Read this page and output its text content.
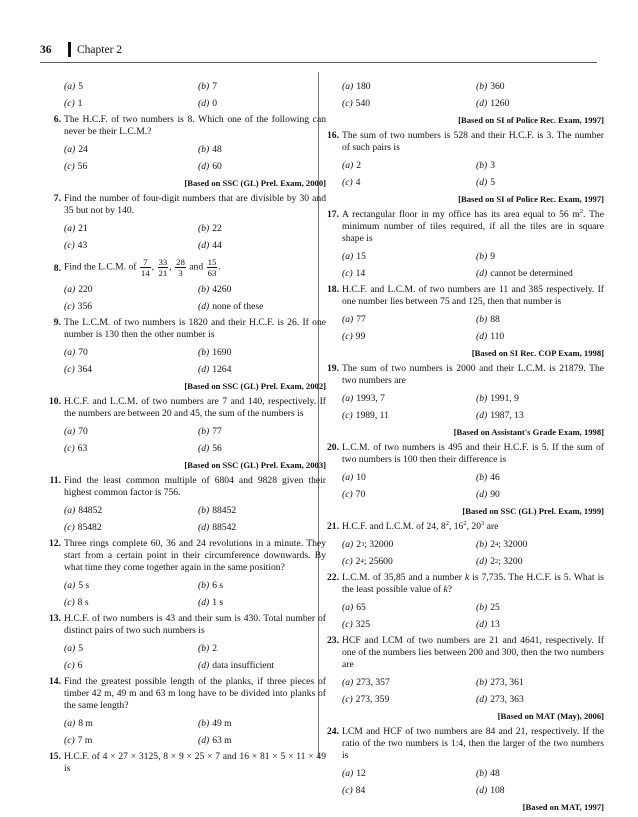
36	Chapter 2
(a) 5	(b) 7
(c) 1	(d) 0
6. The H.C.F. of two numbers is 8. Which one of the following can never be their L.C.M.?
(a) 24	(b) 48
(c) 56	(d) 60
[Based on SSC (GL) Prel. Exam, 2000]
7. Find the number of four-digit numbers that are divisible by 30 and 35 but not by 140.
(a) 21	(b) 22
(c) 43	(d) 44
8. Find the L.C.M. of $\frac{7}{14}$ , $\frac{33}{21}$ , $\frac{28}{3}$ and $\frac{15}{63}$ .
(a) 220	(b) 4260
(c) 356	(d) none of these
9. The L.C.M. of two numbers is 1820 and their H.C.F. is 26. If one number is 130 then the other number is
(a) 70	(b) 1690
(c) 364	(d) 1264
[Based on SSC (GL) Prel. Exam, 2002]
10. H.C.F. and L.C.M. of two numbers are 7 and 140, respectively. If the numbers are between 20 and 45, the sum of the numbers is
(a) 70	(b) 77
(c) 63	(d) 56
[Based on SSC (GL) Prel. Exam, 2003]
11. Find the least common multiple of 6804 and 9828 given their highest common factor is 756.
(a) 84852	(b) 88452
(c) 85482	(d) 88542
12. Three rings complete 60, 36 and 24 revolutions in a minute. They start from a certain point in their circumference downwards. By what time they come together again in the same position?
(a) 5 s	(b) 6 s
(c) 8 s	(d) 1 s
13. H.C.F. of two numbers is 43 and their sum is 430. Total number of distinct pairs of two such numbers is
(a) 5	(b) 2
(c) 6	(d) data insufficient
14. Find the greatest possible length of the planks, if three pieces of timber 42 m, 49 m and 63 m long have to be divided into planks of the same length?
(a) 8 m	(b) 49 m
(c) 7 m	(d) 63 m
15. H.C.F. of 4 × 27 × 3125, 8 × 9 × 25 × 7 and 16 × 81 × 5 × 11 × 49 is
(a) 180	(b) 360
(c) 540	(d) 1260
[Based on SI of Police Rec. Exam, 1997]
16. The sum of two numbers is 528 and their H.C.F. is 3. The number of such pairs is
(a) 2	(b) 3
(c) 4	(d) 5
[Based on SI of Police Rec. Exam, 1997]
17. A rectangular floor in my office has its area equal to 56 $m^2$. The minimum number of tiles required, if all the tiles are in square shape is
(a) 15	(b) 9
(c) 14	(d) cannot be determined
18. H.C.F. and L.C.M. of two numbers are 11 and 385 respectively. If one number lies between 75 and 125, then that number is
(a) 77	(b) 88
(c) 99	(d) 110
[Based on SI Rec. COP Exam, 1998]
19. The sum of two numbers is 2000 and their L.C.M. is 21879. The two numbers are
(a) 1993, 7	(b) 1991, 9
(c) 1989, 11	(d) 1987, 13
[Based on Assistant's Grade Exam, 1998]
20. L.C.M. of two numbers is 495 and their H.C.F. is 5. If the sum of two numbers is 100 then their difference is
(a) 10	(b) 46
(c) 70	(d) 90
[Based on SSC (GL) Prel. Exam, 1999]
21. H.C.F. and L.C.M. of 24, $8^2$, $16^2$, $20^3$ are
(a) 2 3 ; 32000	(b) 2 4 ; 32000
(c) 2 4 ; 25600	(d) 2 2 ; 3200
22. L.C.M. of 35,85 and a number k is 7,735. The H.C.F. is 5. What is the least possible value of k?
(a) 65	(b) 25
(c) 325	(d) 13
23. HCF and LCM of two numbers are 21 and 4641, respectively. If one of the numbers lies between 200 and 300, then the two numbers are
(a) 273, 357	(b) 273, 361
(c) 273, 359	(d) 273, 363
[Based on MAT (May), 2006]
24. LCM and HCF of two numbers are 84 and 21, respectively. If the ratio of the two numbers is 1:4, then the larger of the two numbers is
(a) 12	(b) 48
(c) 84	(d) 108
[Based on MAT, 1997]
